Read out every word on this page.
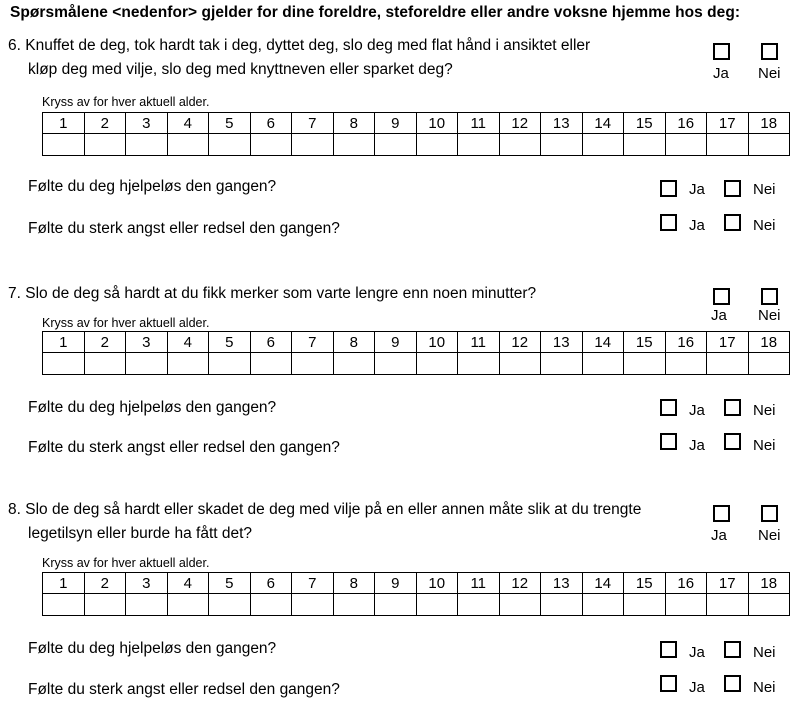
Spørsmålene <nedenfor> gjelder for dine foreldre, steforeldre eller andre voksne hjemme hos deg:
6. Knuffet de deg, tok hardt tak i deg, dyttet deg, slo deg med flat hånd i ansiktet eller
kløp deg med vilje, slo deg med knyttneven eller sparket deg?	Ja Nei
Kryss av for hver aktuell alder.
1	2	3	4	5	6	7	8	9	10	11	12	13	14	15	16	17	18

Følte du deg hjelpeløs den gangen?	Ja	Nei
Følte du sterk angst eller redsel den gangen?	Ja	Nei
7. Slo de deg så hardt at du fikk merker som varte lengre enn noen minutter?
Ja Nei
Kryss av for hver aktuell alder.
1	2	3	4	5	6	7	8	9	10	11	12	13	14	15	16	17	18

Følte du deg hjelpeløs den gangen?	Ja	Nei
Følte du sterk angst eller redsel den gangen?	Ja	Nei
8. Slo de deg så hardt eller skadet de deg med vilje på en eller annen måte slik at du trengte
legetilsyn eller burde ha fått det?	Ja Nei
Kryss av for hver aktuell alder.
1	2	3	4	5	6	7	8	9	10	11	12	13	14	15	16	17	18

Følte du deg hjelpeløs den gangen?	Ja	Nei
Følte du sterk angst eller redsel den gangen?	Ja	Nei
